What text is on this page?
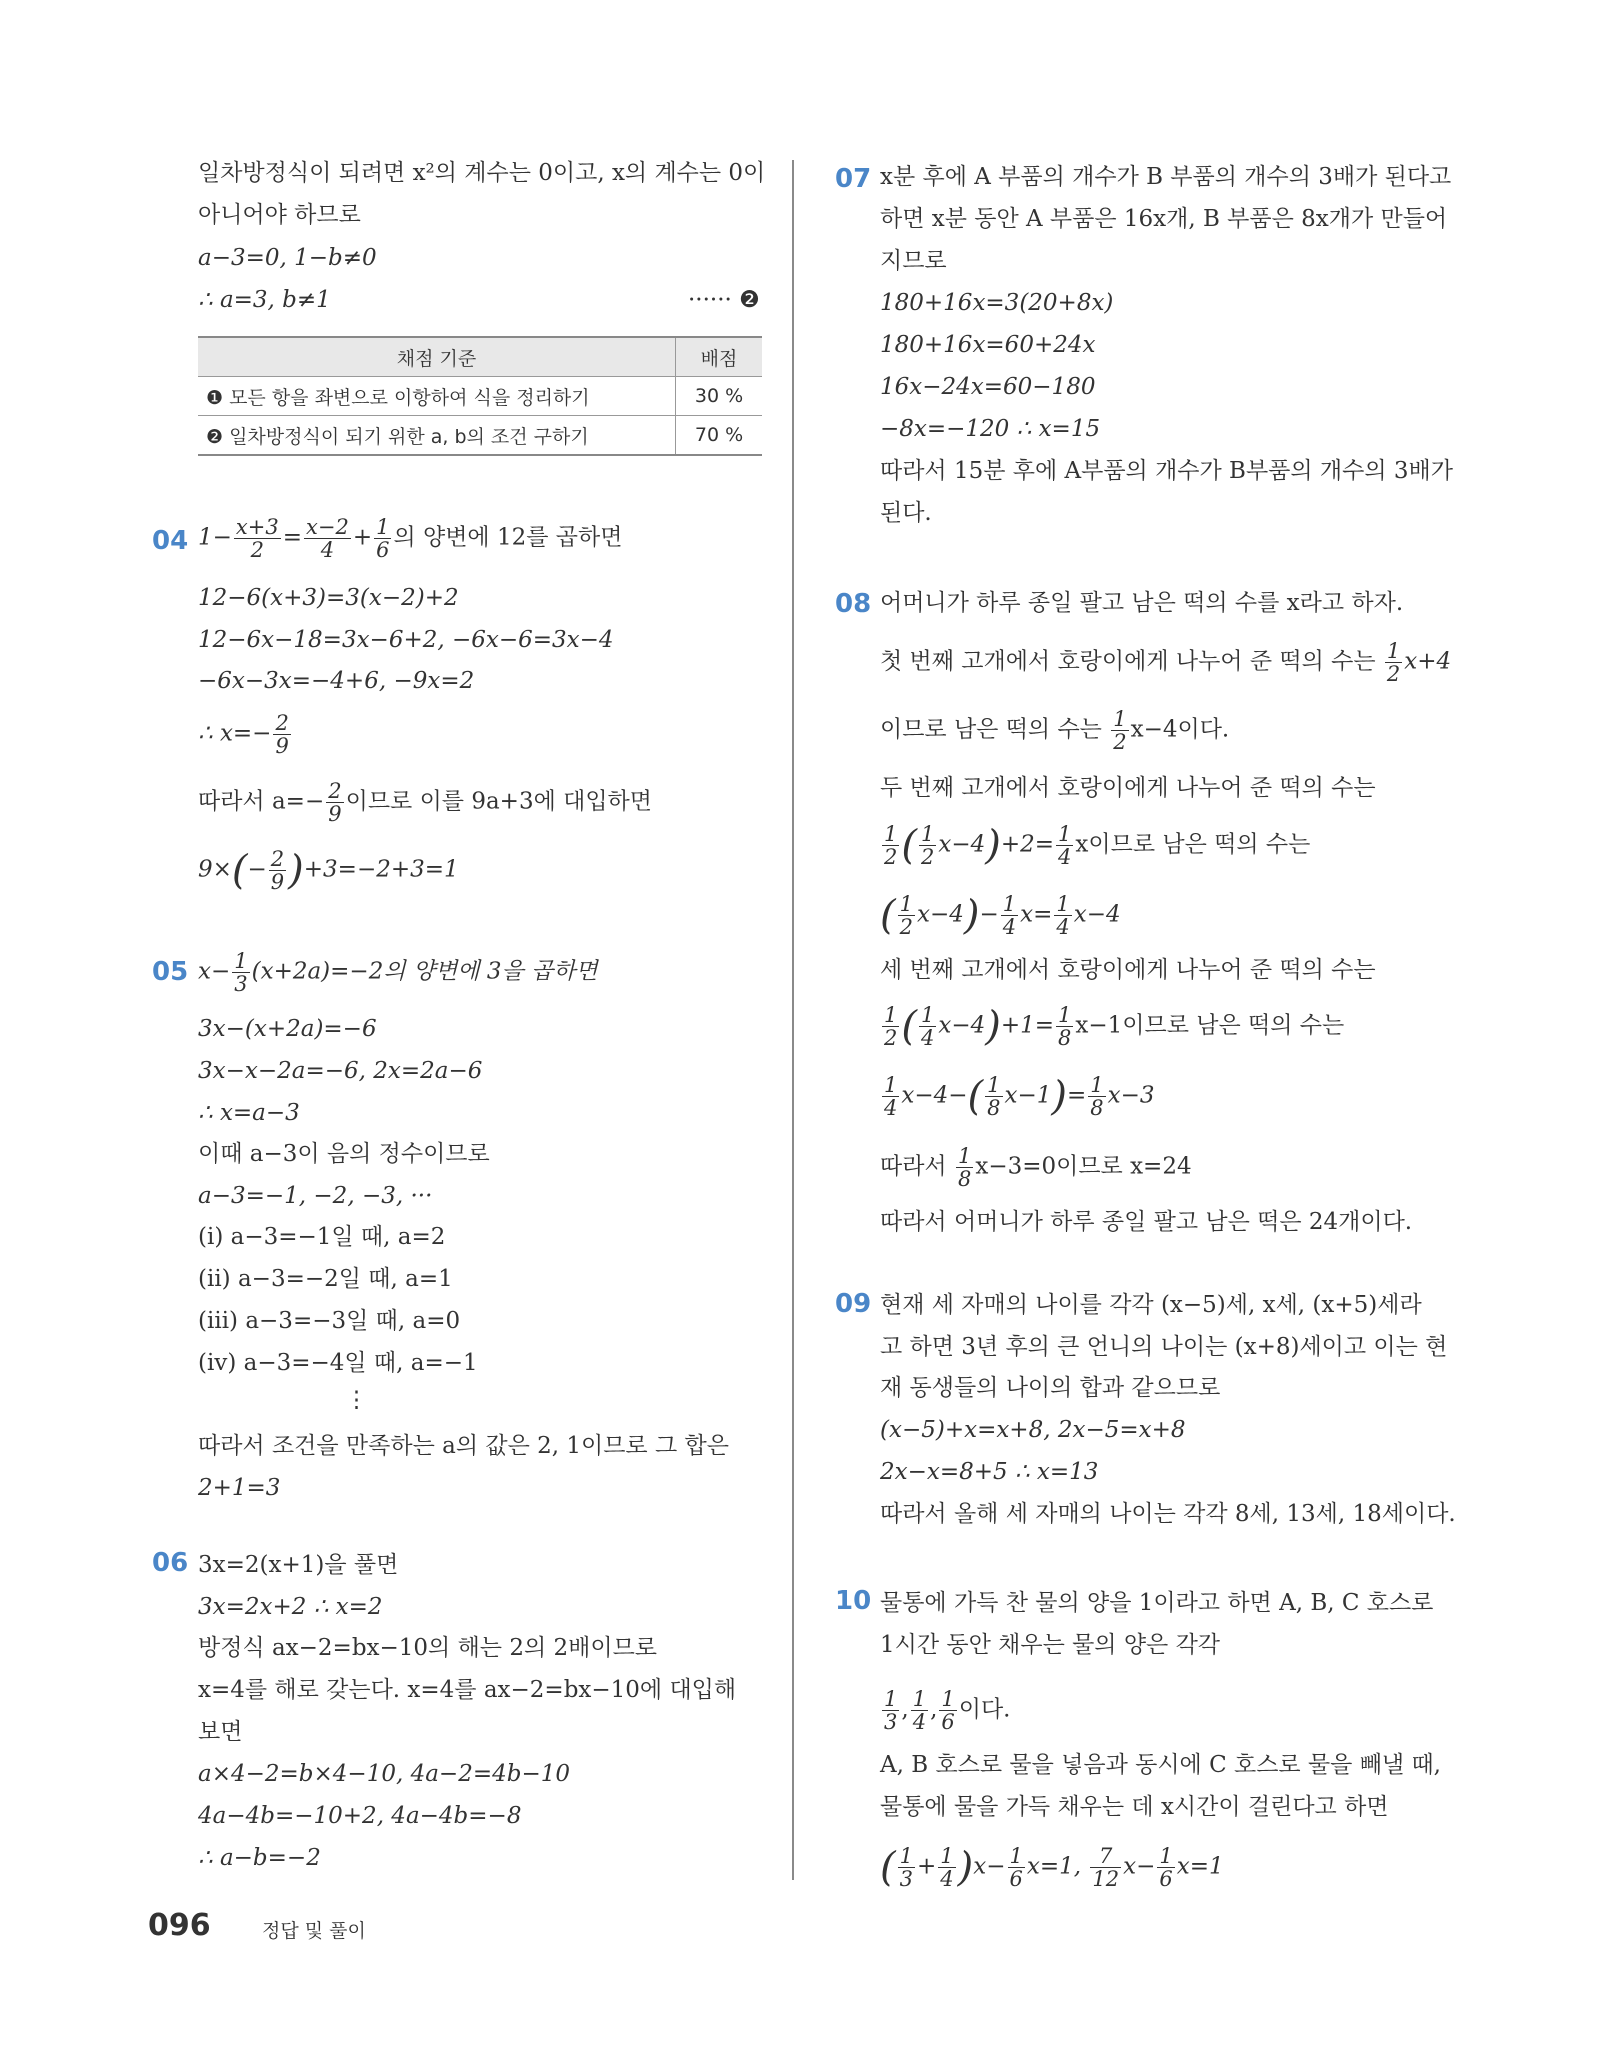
일차방정식이 되려면 x²의 계수는 0이고, x의 계수는 0이
아니어야 하므로
a−3=0, 1−b≠0
∴ a=3, b≠1	······ ❷
채점 기준	배점
❶ 모든 항을 좌변으로 이항하여 식을 정리하기	30 %
❷ 일차방정식이 되기 위한 a, b의 조건 구하기	70 %
04 $1- \frac{x+3}{2} = \frac{x-2}{4} + \frac{1}{6}$ 의 양변에 12를 곱하면
12−6(x+3)=3(x−2)+2
12−6x−18=3x−6+2, −6x−6=3x−4
−6x−3x=−4+6, −9x=2
∴ $x=- \frac{2}{9}$
따라서 $a=- \frac{2}{9}$ 이므로 이를 9a+3에 대입하면
$9\times(- \frac{2}{9} )+3=-2+3=1$
05 $x- \frac{1}{3} (x+2a)=-2$의 양변에 3을 곱하면
3x−(x+2a)=−6
3x−x−2a=−6, 2x=2a−6
∴ x=a−3
이때 a−3이 음의 정수이므로
a−3=−1, −2, −3, ···
(ⅰ) a−3=−1일 때, a=2
(ⅱ) a−3=−2일 때, a=1
(ⅲ) a−3=−3일 때, a=0
(ⅳ) a−3=−4일 때, a=−1
⋮
따라서 조건을 만족하는 a의 값은 2, 1이므로 그 합은
2+1=3
06 3x=2(x+1)을 풀면
3x=2x+2 ∴ x=2
방정식 ax−2=bx−10의 해는 2의 2배이므로
x=4를 해로 갖는다. x=4를 ax−2=bx−10에 대입해
보면
a×4−2=b×4−10, 4a−2=4b−10
4a−4b=−10+2, 4a−4b=−8
∴ a−b=−2
07 x분 후에 A 부품의 개수가 B 부품의 개수의 3배가 된다고
하면 x분 동안 A 부품은 16x개, B 부품은 8x개가 만들어
지므로
180+16x=3(20+8x)
180+16x=60+24x
16x−24x=60−180
−8x=−120 ∴ x=15
따라서 15분 후에 A부품의 개수가 B부품의 개수의 3배가
된다.
08 어머니가 하루 종일 팔고 남은 떡의 수를 x라고 하자.
첫 번째 고개에서 호랑이에게 나누어 준 떡의 수는 $\frac{1}{2} x+4$
이므로 남은 떡의 수는 $\frac{1}{2} x-4$이다.
두 번째 고개에서 호랑이에게 나누어 준 떡의 수는
$\frac{1}{2}$ ( $\frac{1}{2} x-4)+2= \frac{1}{4}$ x이므로 남은 떡의 수는
( $\frac{1}{2} x-4)- \frac{1}{4} x= \frac{1}{4} x-4$
세 번째 고개에서 호랑이에게 나누어 준 떡의 수는
$\frac{1}{2}$ ( $\frac{1}{4} x-4)+1= \frac{1}{8} x-1$이므로 남은 떡의 수는
$\frac{1}{4} x-4-( \frac{1}{8} x-1)= \frac{1}{8} x-3$
따라서 $\frac{1}{8} x-3=0$이므로 x=24
따라서 어머니가 하루 종일 팔고 남은 떡은 24개이다.
09 현재 세 자매의 나이를 각각 (x−5)세, x세, (x+5)세라
고 하면 3년 후의 큰 언니의 나이는 (x+8)세이고 이는 현
재 동생들의 나이의 합과 같으므로
(x−5)+x=x+8, 2x−5=x+8
2x−x=8+5 ∴ x=13
따라서 올해 세 자매의 나이는 각각 8세, 13세, 18세이다.
10 물통에 가득 찬 물의 양을 1이라고 하면 A, B, C 호스로
1시간 동안 채우는 물의 양은 각각
$\frac{1}{3}$ , $\frac{1}{4}$ , $\frac{1}{6}$ 이다.
A, B 호스로 물을 넣음과 동시에 C 호스로 물을 빼낼 때,
물통에 물을 가득 채우는 데 x시간이 걸린다고 하면
( $\frac{1}{3} + \frac{1}{4} )x- \frac{1}{6} x=1$, $\frac{7}{12} x- \frac{1}{6} x=1$
096	정답 및 풀이
